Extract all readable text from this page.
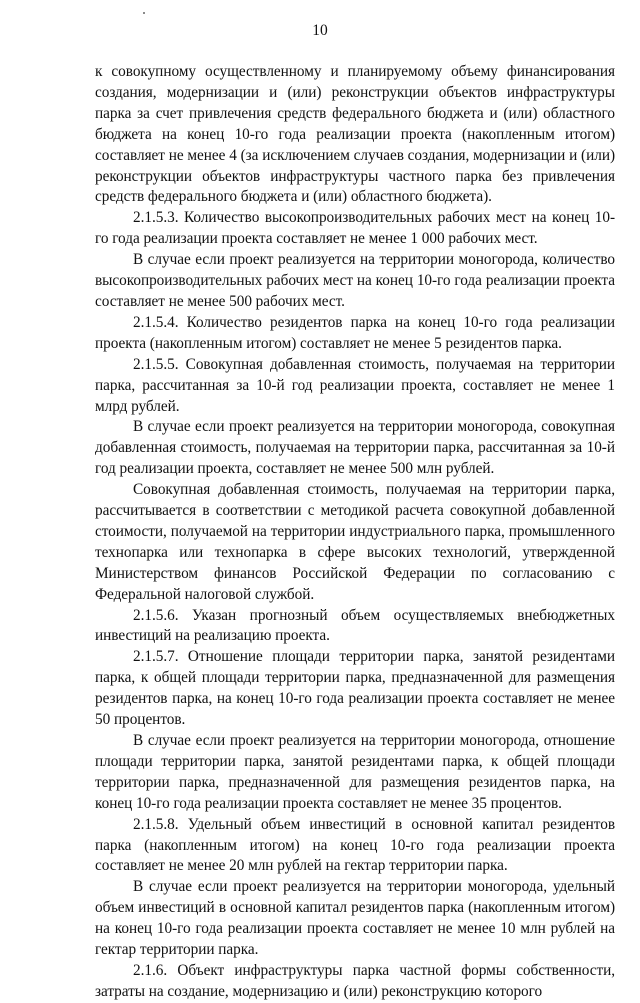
10

к совокупному осуществленному и планируемому объему финансирования создания, модернизации и (или) реконструкции объектов инфраструктуры парка за счет привлечения средств федерального бюджета и (или) областного бюджета на конец 10-го года реализации проекта (накопленным итогом) составляет не менее 4 (за исключением случаев создания, модернизации и (или) реконструкции объектов инфраструктуры частного парка без привлечения средств федерального бюджета и (или) областного бюджета).

2.1.5.3. Количество высокопроизводительных рабочих мест на конец 10-го года реализации проекта составляет не менее 1 000 рабочих мест.

В случае если проект реализуется на территории моногорода, количество высокопроизводительных рабочих мест на конец 10-го года реализации проекта составляет не менее 500 рабочих мест.

2.1.5.4. Количество резидентов парка на конец 10-го года реализации проекта (накопленным итогом) составляет не менее 5 резидентов парка.

2.1.5.5. Совокупная добавленная стоимость, получаемая на территории парка, рассчитанная за 10-й год реализации проекта, составляет не менее 1 млрд рублей.

В случае если проект реализуется на территории моногорода, совокупная добавленная стоимость, получаемая на территории парка, рассчитанная за 10-й год реализации проекта, составляет не менее 500 млн рублей.

Совокупная добавленная стоимость, получаемая на территории парка, рассчитывается в соответствии с методикой расчета совокупной добавленной стоимости, получаемой на территории индустриального парка, промышленного технопарка или технопарка в сфере высоких технологий, утвержденной Министерством финансов Российской Федерации по согласованию с Федеральной налоговой службой.

2.1.5.6. Указан прогнозный объем осуществляемых внебюджетных инвестиций на реализацию проекта.

2.1.5.7. Отношение площади территории парка, занятой резидентами парка, к общей площади территории парка, предназначенной для размещения резидентов парка, на конец 10-го года реализации проекта составляет не менее 50 процентов.

В случае если проект реализуется на территории моногорода, отношение площади территории парка, занятой резидентами парка, к общей площади территории парка, предназначенной для размещения резидентов парка, на конец 10-го года реализации проекта составляет не менее 35 процентов.

2.1.5.8. Удельный объем инвестиций в основной капитал резидентов парка (накопленным итогом) на конец 10-го года реализации проекта составляет не менее 20 млн рублей на гектар территории парка.

В случае если проект реализуется на территории моногорода, удельный объем инвестиций в основной капитал резидентов парка (накопленным итогом) на конец 10-го года реализации проекта составляет не менее 10 млн рублей на гектар территории парка.

2.1.6. Объект инфраструктуры парка частной формы собственности, затраты на создание, модернизацию и (или) реконструкцию которого
